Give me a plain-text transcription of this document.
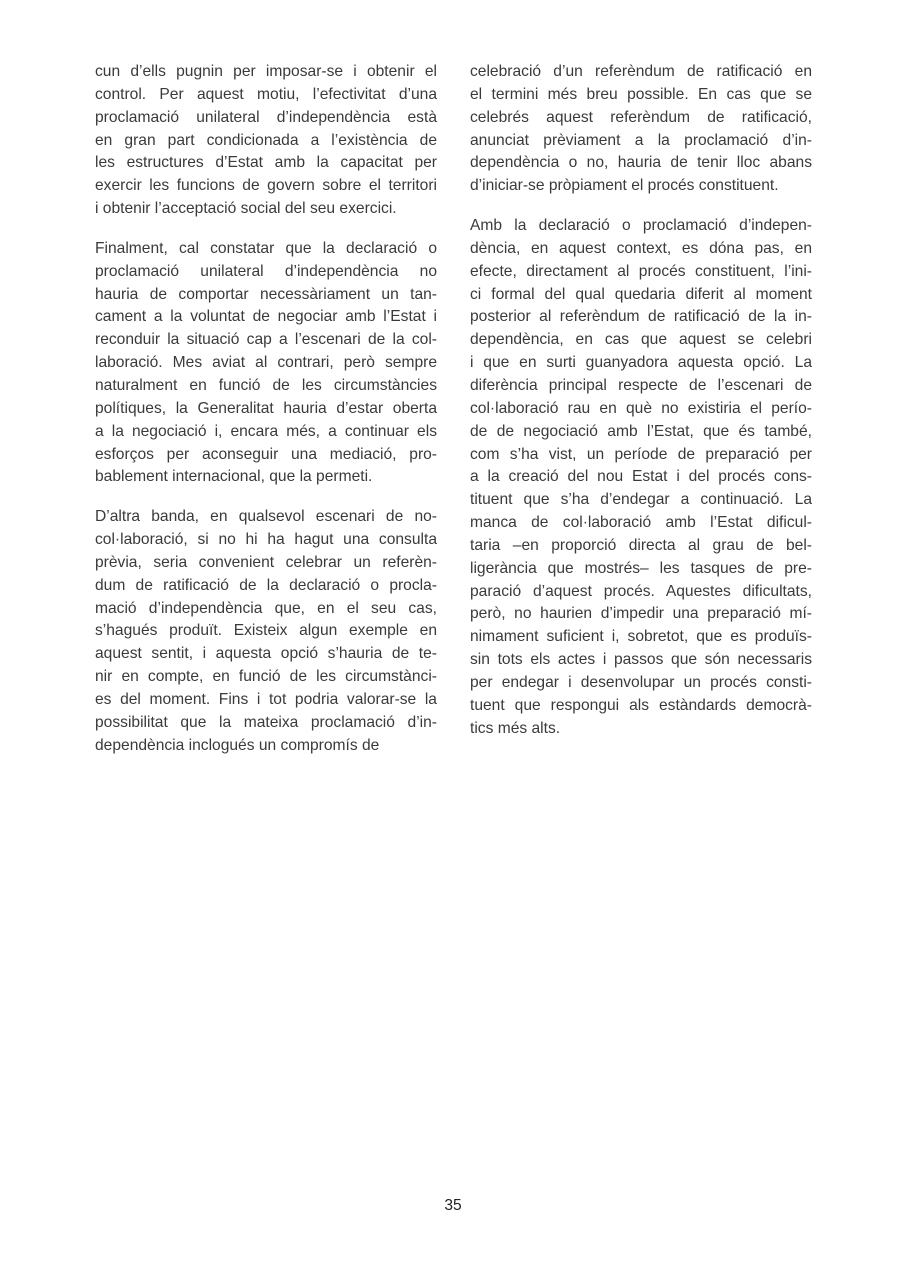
cun d’ells pugnin per imposar-se i obtenir el
control. Per aquest motiu, l’efectivitat d’una
proclamació unilateral d’independència està
en gran part condicionada a l’existència de
les estructures d’Estat amb la capacitat per
exercir les funcions de govern sobre el territori
i obtenir l’acceptació social del seu exercici.
Finalment, cal constatar que la declaració o
proclamació unilateral d’independència no
hauria de comportar necessàriament un tan-
cament a la voluntat de negociar amb l’Estat i
reconduir la situació cap a l’escenari de la col-
laboració. Mes aviat al contrari, però sempre
naturalment en funció de les circumstàncies
polítiques, la Generalitat hauria d’estar oberta
a la negociació i, encara més, a continuar els
esforços per aconseguir una mediació, pro-
bablement internacional, que la permeti.
D’altra banda, en qualsevol escenari de no-
col·laboració, si no hi ha hagut una consulta
prèvia, seria convenient celebrar un referèn-
dum de ratificació de la declaració o procla-
mació d’independència que, en el seu cas,
s’hagués produït. Existeix algun exemple en
aquest sentit, i aquesta opció s’hauria de te-
nir en compte, en funció de les circumstànci-
es del moment. Fins i tot podria valorar-se la
possibilitat que la mateixa proclamació d’in-
dependència inclogués un compromís de
celebració d’un referèndum de ratificació en
el termini més breu possible. En cas que se
celebrés aquest referèndum de ratificació,
anunciat prèviament a la proclamació d’in-
dependència o no, hauria de tenir lloc abans
d’iniciar-se pròpiament el procés constituent.
Amb la declaració o proclamació d’indepen-
dència, en aquest context, es dóna pas, en
efecte, directament al procés constituent, l’ini-
ci formal del qual quedaria diferit al moment
posterior al referèndum de ratificació de la in-
dependència, en cas que aquest se celebri
i que en surti guanyadora aquesta opció. La
diferència principal respecte de l’escenari de
col·laboració rau en què no existiria el perío-
de de negociació amb l’Estat, que és també,
com s’ha vist, un període de preparació per
a la creació del nou Estat i del procés cons-
tituent que s’ha d’endegar a continuació. La
manca de col·laboració amb l’Estat dificul-
taria –en proporció directa al grau de bel-
ligerància que mostrés– les tasques de pre-
paració d’aquest procés. Aquestes dificultats,
però, no haurien d’impedir una preparació mí-
nimament suficient i, sobretot, que es produïs-
sin tots els actes i passos que són necessaris
per endegar i desenvolupar un procés consti-
tuent que respongui als estàndards democrà-
tics més alts.
35
